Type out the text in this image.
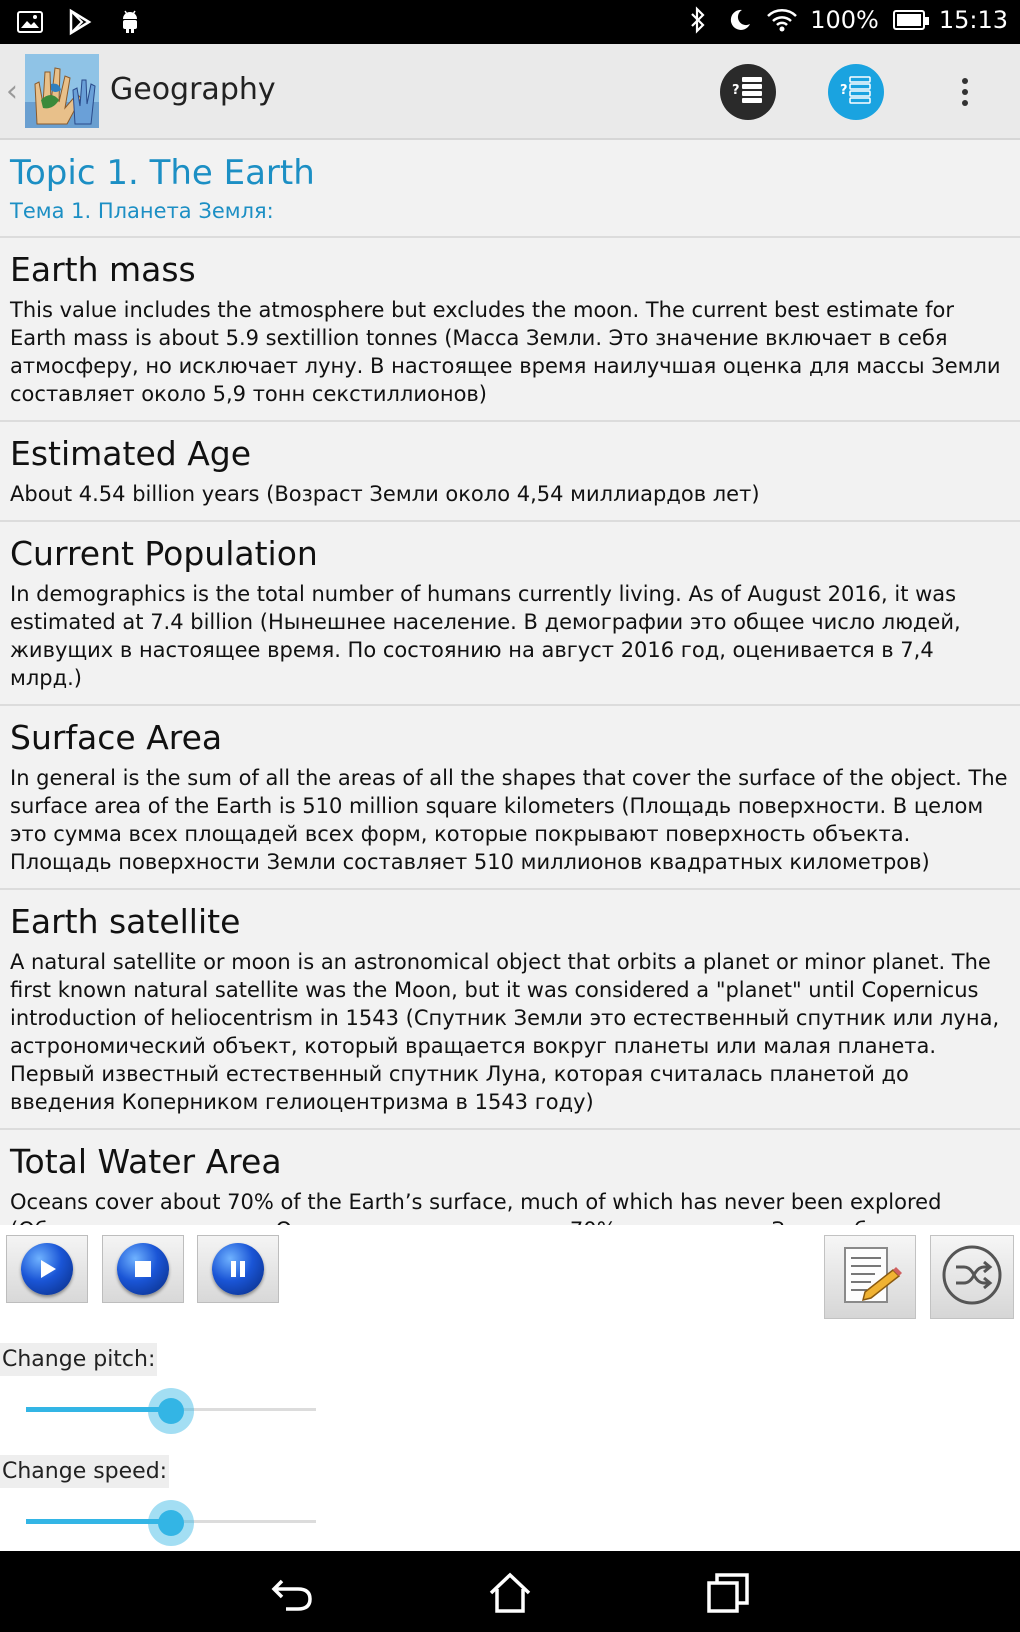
100%	15:13
‹	Geography	?	?
Topic 1. The Earth
Тема 1. Планета Земля:
Earth mass
This value includes the atmosphere but excludes the moon. The current best estimate for Earth mass is about 5.9 sextillion tonnes (Масса Земли. Это значение включает в себя атмосферу, но исключает луну. В настоящее время наилучшая оценка для массы Земли составляет около 5,9 тонн секстиллионов)
Estimated Age
About 4.54 billion years (Возраст Земли около 4,54 миллиардов лет)
Current Population
In demographics is the total number of humans currently living. As of August 2016, it was estimated at 7.4 billion (Нынешнее население. В демографии это общее число людей, живущих в настоящее время. По состоянию на август 2016 год, оценивается в 7,4 млрд.)
Surface Area
In general is the sum of all the areas of all the shapes that cover the surface of the object. The surface area of the Earth is 510 million square kilometers (Площадь поверхности. В целом это сумма всех площадей всех форм, которые покрывают поверхность объекта. Площадь поверхности Земли составляет 510 миллионов квадратных километров)
Earth satellite
A natural satellite or moon is an astronomical object that orbits a planet or minor planet. The first known natural satellite was the Moon, but it was considered a "planet" until Copernicus introduction of heliocentrism in 1543 (Спутник Земли это естественный спутник или луна, астрономический объект, который вращается вокруг планеты или малая планета. Первый известный естественный спутник Луна, которая считалась планетой до введения Коперником гелиоцентризма в 1543 году)
Total Water Area
Oceans cover about 70% of the Earth’s surface, much of which has never been explored
Change pitch:
Change speed:
